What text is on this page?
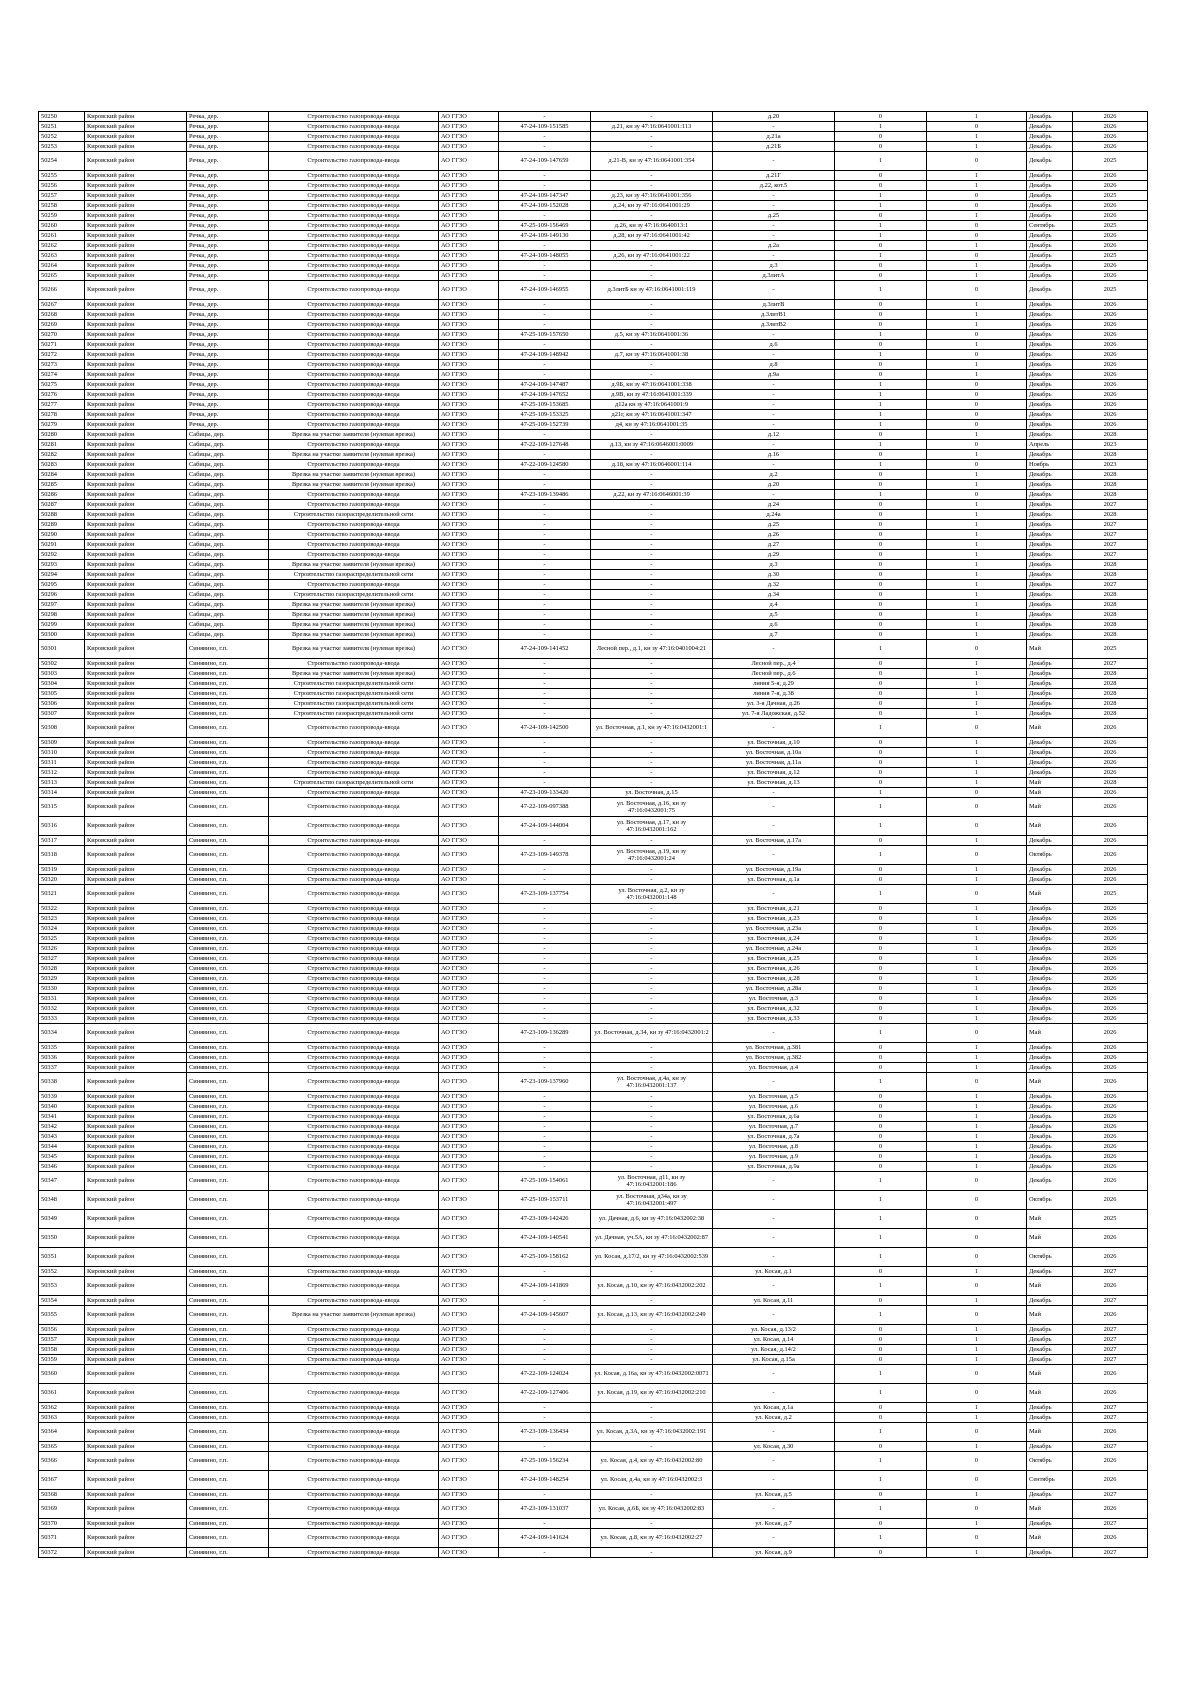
50250	Кировский район	Речка, дер.	Строительство газопровода-ввода	АО ГГЗО	-	-	д.20	0	1	Декабрь	2026
50251	Кировский район	Речка, дер.	Строительство газопровода-ввода	АО ГГЗО	47-24-109-151585	д.21, кн зу 47:16:0641001:113	-	1	0	Декабрь	2026
50252	Кировский район	Речка, дер.	Строительство газопровода-ввода	АО ГГЗО	-	-	д.21а	0	1	Декабрь	2026
50253	Кировский район	Речка, дер.	Строительство газопровода-ввода	АО ГГЗО	-	-	д.21Б	0	1	Декабрь	2026
50254	Кировский район	Речка, дер.	Строительство газопровода-ввода	АО ГГЗО	47-24-109-147659	д.21-В, кн зу 47:16:0641001:354	-	1	0	Декабрь	2025
50255	Кировский район	Речка, дер.	Строительство газопровода-ввода	АО ГГЗО	-	-	д.21Г	0	1	Декабрь	2026
50256	Кировский район	Речка, дер.	Строительство газопровода-ввода	АО ГГЗО	-	-	д.22, кот.5	0	1	Декабрь	2026
50257	Кировский район	Речка, дер.	Строительство газопровода-ввода	АО ГГЗО	47-24-109-147347	д.23, кн зу 47:16:0641001:356	-	1	0	Декабрь	2025
50258	Кировский район	Речка, дер.	Строительство газопровода-ввода	АО ГГЗО	47-24-109-152028	д.24, кн зу 47:16:0641001:29	-	1	0	Декабрь	2026
50259	Кировский район	Речка, дер.	Строительство газопровода-ввода	АО ГГЗО	-	-	д.25	0	1	Декабрь	2026
50260	Кировский район	Речка, дер.	Строительство газопровода-ввода	АО ГГЗО	47-25-109-156469	д.26, кн зу 47:16:0640013:1	-	1	0	Сентябрь	2025
50261	Кировский район	Речка, дер.	Строительство газопровода-ввода	АО ГГЗО	47-24-109-149130	д.28, кн зу 47:16:0641001:42	-	1	0	Декабрь	2026
50262	Кировский район	Речка, дер.	Строительство газопровода-ввода	АО ГГЗО	-	-	д.2а	0	1	Декабрь	2026
50263	Кировский район	Речка, дер.	Строительство газопровода-ввода	АО ГГЗО	47-24-109-148055	д.26, кн зу 47:16:0641001:22	-	1	0	Декабрь	2025
50264	Кировский район	Речка, дер.	Строительство газопровода-ввода	АО ГГЗО	-	-	д.3	0	1	Декабрь	2026
50265	Кировский район	Речка, дер.	Строительство газопровода-ввода	АО ГГЗО	-	-	д.3литА	0	1	Декабрь	2026
50266	Кировский район	Речка, дер.	Строительство газопровода-ввода	АО ГГЗО	47-24-109-146955	д.3литБ кн зу 47:16:0641001:119	-	1	0	Декабрь	2025
50267	Кировский район	Речка, дер.	Строительство газопровода-ввода	АО ГГЗО	-	-	д.3литВ	0	1	Декабрь	2026
50268	Кировский район	Речка, дер.	Строительство газопровода-ввода	АО ГГЗО	-	-	д.3литВ1	0	1	Декабрь	2026
50269	Кировский район	Речка, дер.	Строительство газопровода-ввода	АО ГГЗО	-	-	д.3литВ2	0	1	Декабрь	2026
50270	Кировский район	Речка, дер.	Строительство газопровода-ввода	АО ГГЗО	47-25-109-157650	д.5, кн зу 47:16:0641001:36	-	1	0	Декабрь	2026
50271	Кировский район	Речка, дер.	Строительство газопровода-ввода	АО ГГЗО	-	-	д.6	0	1	Декабрь	2026
50272	Кировский район	Речка, дер.	Строительство газопровода-ввода	АО ГГЗО	47-24-109-148942	д.7, кн зу 47:16:0641001:38	-	1	0	Декабрь	2026
50273	Кировский район	Речка, дер.	Строительство газопровода-ввода	АО ГГЗО	-	-	д.8	0	1	Декабрь	2026
50274	Кировский район	Речка, дер.	Строительство газопровода-ввода	АО ГГЗО	-	-	д.9а	0	1	Декабрь	2026
50275	Кировский район	Речка, дер.	Строительство газопровода-ввода	АО ГГЗО	47-24-109-147487	д.9Б, кн зу 47:16:0641001:338	-	1	0	Декабрь	2026
50276	Кировский район	Речка, дер.	Строительство газопровода-ввода	АО ГГЗО	47-24-109-147652	д.9В, кн зу 47:16:0641001:339	-	1	0	Декабрь	2026
50277	Кировский район	Речка, дер.	Строительство газопровода-ввода	АО ГГЗО	47-25-109-153685	д12а кн зу 47:16:0641001:9	-	1	0	Декабрь	2026
50278	Кировский район	Речка, дер.	Строительство газопровода-ввода	АО ГГЗО	47-25-109-153325	д21г, кн зу 47:16:0641001:347	-	1	0	Декабрь	2026
50279	Кировский район	Речка, дер.	Строительство газопровода-ввода	АО ГГЗО	47-25-109-152739	д4, кн зу 47:16:0641001:35	-	1	0	Декабрь	2026
50280	Кировский район	Сабицы, дер.	Врезка на участке заявителя (нулевая врезка)	АО ГГЗО	-	-	д.12	0	1	Декабрь	2028
50281	Кировский район	Сабицы, дер.	Строительство газопровода-ввода	АО ГГЗО	47-22-109-127648	д.13, кн зу 47:16:0646001:0009	-	1	0	Апрель	2023
50282	Кировский район	Сабицы, дер.	Врезка на участке заявителя (нулевая врезка)	АО ГГЗО	-	-	д.16	0	1	Декабрь	2028
50283	Кировский район	Сабицы, дер.	Строительство газопровода-ввода	АО ГГЗО	47-22-109-124580	д.18, кн зу 47:16:0646001:114	-	1	0	Ноябрь	2023
50284	Кировский район	Сабицы, дер.	Врезка на участке заявителя (нулевая врезка)	АО ГГЗО	-	-	д.2	0	1	Декабрь	2028
50285	Кировский район	Сабицы, дер.	Врезка на участке заявителя (нулевая врезка)	АО ГГЗО	-	-	д.20	0	1	Декабрь	2028
50286	Кировский район	Сабицы, дер.	Строительство газопровода-ввода	АО ГГЗО	47-23-109-139486	д.22, кн зу 47:16:0646001:39	-	1	0	Декабрь	2028
50287	Кировский район	Сабицы, дер.	Строительство газопровода-ввода	АО ГГЗО	-	-	д.24	0	1	Декабрь	2027
50288	Кировский район	Сабицы, дер.	Строительство газораспределительной сети	АО ГГЗО	-	-	д.24а	0	1	Декабрь	2028
50289	Кировский район	Сабицы, дер.	Строительство газопровода-ввода	АО ГГЗО	-	-	д.25	0	1	Декабрь	2027
50290	Кировский район	Сабицы, дер.	Строительство газопровода-ввода	АО ГГЗО	-	-	д.26	0	1	Декабрь	2027
50291	Кировский район	Сабицы, дер.	Строительство газопровода-ввода	АО ГГЗО	-	-	д.27	0	1	Декабрь	2027
50292	Кировский район	Сабицы, дер.	Строительство газопровода-ввода	АО ГГЗО	-	-	д.29	0	1	Декабрь	2027
50293	Кировский район	Сабицы, дер.	Врезка на участке заявителя (нулевая врезка)	АО ГГЗО	-	-	д.3	0	1	Декабрь	2028
50294	Кировский район	Сабицы, дер.	Строительство газораспределительной сети	АО ГГЗО	-	-	д.30	0	1	Декабрь	2028
50295	Кировский район	Сабицы, дер.	Строительство газопровода-ввода	АО ГГЗО	-	-	д.32	0	1	Декабрь	2027
50296	Кировский район	Сабицы, дер.	Строительство газораспределительной сети	АО ГГЗО	-	-	д.34	0	1	Декабрь	2028
50297	Кировский район	Сабицы, дер.	Врезка на участке заявителя (нулевая врезка)	АО ГГЗО	-	-	д.4	0	1	Декабрь	2028
50298	Кировский район	Сабицы, дер.	Врезка на участке заявителя (нулевая врезка)	АО ГГЗО	-	-	д.5	0	1	Декабрь	2028
50299	Кировский район	Сабицы, дер.	Врезка на участке заявителя (нулевая врезка)	АО ГГЗО	-	-	д.6	0	1	Декабрь	2028
50300	Кировский район	Сабицы, дер.	Врезка на участке заявителя (нулевая врезка)	АО ГГЗО	-	-	д.7	0	1	Декабрь	2028
50301	Кировский район	Синявино, г.п.	Врезка на участке заявителя (нулевая врезка)	АО ГГЗО	47-24-109-141452	Лесной пер., д.1, кн зу 47:16:0401004:21	-	1	0	Май	2025
50302	Кировский район	Синявино, г.п.	Строительство газопровода-ввода	АО ГГЗО	-	-	Лесной пер., д.4	0	1	Декабрь	2027
50303	Кировский район	Синявино, г.п.	Врезка на участке заявителя (нулевая врезка)	АО ГГЗО	-	-	Лесной пер., д.6	0	1	Декабрь	2028
50304	Кировский район	Синявино, г.п.	Строительство газораспределительной сети	АО ГГЗО	-	-	линия 5-я, д.29	0	1	Декабрь	2028
50305	Кировский район	Синявино, г.п.	Строительство газораспределительной сети	АО ГГЗО	-	-	линия 7-я, д.38	0	1	Декабрь	2028
50306	Кировский район	Синявино, г.п.	Строительство газораспределительной сети	АО ГГЗО	-	-	ул. 3-я Дачная, д.26	0	1	Декабрь	2028
50307	Кировский район	Синявино, г.п.	Строительство газораспределительной сети	АО ГГЗО	-	-	ул. 7-я Ладожская, д.52	0	1	Декабрь	2028
50308	Кировский район	Синявино, г.п.	Строительство газопровода-ввода	АО ГГЗО	47-24-109-142500	ул. Восточная, д.1, кн зу 47:16:0432001:1	-	1	0	Май	2026
50309	Кировский район	Синявино, г.п.	Строительство газопровода-ввода	АО ГГЗО	-	-	ул. Восточная, д.10	0	1	Декабрь	2026
50310	Кировский район	Синявино, г.п.	Строительство газопровода-ввода	АО ГГЗО	-	-	ул. Восточная, д.10а	0	1	Декабрь	2026
50311	Кировский район	Синявино, г.п.	Строительство газопровода-ввода	АО ГГЗО	-	-	ул. Восточная, д.11а	0	1	Декабрь	2026
50312	Кировский район	Синявино, г.п.	Строительство газопровода-ввода	АО ГГЗО	-	-	ул. Восточная, д.12	0	1	Декабрь	2026
50313	Кировский район	Синявино, г.п.	Строительство газораспределительной сети	АО ГГЗО	-	-	ул. Восточная, д.13	0	1	Май	2028
50314	Кировский район	Синявино, г.п.	Строительство газопровода-ввода	АО ГГЗО	47-23-109-133420	ул. Восточная, д.15	-	1	0	Май	2026
50315	Кировский район	Синявино, г.п.	Строительство газопровода-ввода	АО ГГЗО	47-22-109-097388	ул. Восточная, д.16, кн зу 47:16:0432001:75	-	1	0	Май	2026
50316	Кировский район	Синявино, г.п.	Строительство газопровода-ввода	АО ГГЗО	47-24-109-144004	ул. Восточная, д.17, кн зу 47:16:0432001:162	-	1	0	Май	2026
50317	Кировский район	Синявино, г.п.	Строительство газопровода-ввода	АО ГГЗО	-	-	ул. Восточная, д.17а	0	1	Декабрь	2026
50318	Кировский район	Синявино, г.п.	Строительство газопровода-ввода	АО ГГЗО	47-23-109-149378	ул. Восточная, д.19, кн зу 47:16:0432001:24	-	1	0	Октябрь	2026
50319	Кировский район	Синявино, г.п.	Строительство газопровода-ввода	АО ГГЗО	-	-	ул. Восточная, д.19а	0	1	Декабрь	2026
50320	Кировский район	Синявино, г.п.	Строительство газопровода-ввода	АО ГГЗО	-	-	ул. Восточная, д.1а	0	1	Декабрь	2026
50321	Кировский район	Синявино, г.п.	Строительство газопровода-ввода	АО ГГЗО	47-23-109-137754	ул. Восточная, д.2, кн зу 47:16:0432001:148	-	1	0	Май	2025
50322	Кировский район	Синявино, г.п.	Строительство газопровода-ввода	АО ГГЗО	-	-	ул. Восточная, д.21	0	1	Декабрь	2026
50323	Кировский район	Синявино, г.п.	Строительство газопровода-ввода	АО ГГЗО	-	-	ул. Восточная, д.23	0	1	Декабрь	2026
50324	Кировский район	Синявино, г.п.	Строительство газопровода-ввода	АО ГГЗО	-	-	ул. Восточная, д.23а	0	1	Декабрь	2026
50325	Кировский район	Синявино, г.п.	Строительство газопровода-ввода	АО ГГЗО	-	-	ул. Восточная, д.24	0	1	Декабрь	2026
50326	Кировский район	Синявино, г.п.	Строительство газопровода-ввода	АО ГГЗО	-	-	ул. Восточная, д.24а	0	1	Декабрь	2026
50327	Кировский район	Синявино, г.п.	Строительство газопровода-ввода	АО ГГЗО	-	-	ул. Восточная, д.25	0	1	Декабрь	2026
50328	Кировский район	Синявино, г.п.	Строительство газопровода-ввода	АО ГГЗО	-	-	ул. Восточная, д.26	0	1	Декабрь	2026
50329	Кировский район	Синявино, г.п.	Строительство газопровода-ввода	АО ГГЗО	-	-	ул. Восточная, д.28	0	1	Декабрь	2026
50330	Кировский район	Синявино, г.п.	Строительство газопровода-ввода	АО ГГЗО	-	-	ул. Восточная, д.28а	0	1	Декабрь	2026
50331	Кировский район	Синявино, г.п.	Строительство газопровода-ввода	АО ГГЗО	-	-	ул. Восточная, д.3	0	1	Декабрь	2026
50332	Кировский район	Синявино, г.п.	Строительство газопровода-ввода	АО ГГЗО	-	-	ул. Восточная, д.32	0	1	Декабрь	2026
50333	Кировский район	Синявино, г.п.	Строительство газопровода-ввода	АО ГГЗО	-	-	ул. Восточная, д.33	0	1	Декабрь	2026
50334	Кировский район	Синявино, г.п.	Строительство газопровода-ввода	АО ГГЗО	47-23-109-136289	ул. Восточная, д.34, кн зу 47:16:0432001:2	-	1	0	Май	2026
50335	Кировский район	Синявино, г.п.	Строительство газопровода-ввода	АО ГГЗО	-	-	ул. Восточная, д.381	0	1	Декабрь	2026
50336	Кировский район	Синявино, г.п.	Строительство газопровода-ввода	АО ГГЗО	-	-	ул. Восточная, д.382	0	1	Декабрь	2026
50337	Кировский район	Синявино, г.п.	Строительство газопровода-ввода	АО ГГЗО	-	-	ул. Восточная, д.4	0	1	Декабрь	2026
50338	Кировский район	Синявино, г.п.	Строительство газопровода-ввода	АО ГГЗО	47-23-109-137960	ул. Восточная, д.4а, кн зу 47:16:0432001:137	-	1	0	Май	2026
50339	Кировский район	Синявино, г.п.	Строительство газопровода-ввода	АО ГГЗО	-	-	ул. Восточная, д.5	0	1	Декабрь	2026
50340	Кировский район	Синявино, г.п.	Строительство газопровода-ввода	АО ГГЗО	-	-	ул. Восточная, д.6	0	1	Декабрь	2026
50341	Кировский район	Синявино, г.п.	Строительство газопровода-ввода	АО ГГЗО	-	-	ул. Восточная, д.6а	0	1	Декабрь	2026
50342	Кировский район	Синявино, г.п.	Строительство газопровода-ввода	АО ГГЗО	-	-	ул. Восточная, д.7	0	1	Декабрь	2026
50343	Кировский район	Синявино, г.п.	Строительство газопровода-ввода	АО ГГЗО	-	-	ул. Восточная, д.7а	0	1	Декабрь	2026
50344	Кировский район	Синявино, г.п.	Строительство газопровода-ввода	АО ГГЗО	-	-	ул. Восточная, д.8	0	1	Декабрь	2026
50345	Кировский район	Синявино, г.п.	Строительство газопровода-ввода	АО ГГЗО	-	-	ул. Восточная, д.9	0	1	Декабрь	2026
50346	Кировский район	Синявино, г.п.	Строительство газопровода-ввода	АО ГГЗО	-	-	ул. Восточная, д.9а	0	1	Декабрь	2026
50347	Кировский район	Синявино, г.п.	Строительство газопровода-ввода	АО ГГЗО	47-25-109-154061	ул. Восточная, д11, кн зу 47:16:0432001:186	-	1	0	Декабрь	2026
50348	Кировский район	Синявино, г.п.	Строительство газопровода-ввода	АО ГГЗО	47-25-109-153711	ул. Восточная, д34а, кн зу 47:16:0432001:497	-	1	0	Октябрь	2026
50349	Кировский район	Синявино, г.п.	Строительство газопровода-ввода	АО ГГЗО	47-23-109-142426	ул. Дачная, д.6, кн зу 47:16:0432002:38	-	1	0	Май	2025
50350	Кировский район	Синявино, г.п.	Строительство газопровода-ввода	АО ГГЗО	47-24-109-140541	ул. Дачная, уч.5А, кн зу 47:16:0432002:87	-	1	0	Май	2026
50351	Кировский район	Синявино, г.п.	Строительство газопровода-ввода	АО ГГЗО	47-25-109-158162	ул. Косая, д.17/2, кн зу 47:16:0432002:539	-	1	0	Октябрь	2026
50352	Кировский район	Синявино, г.п.	Строительство газопровода-ввода	АО ГГЗО	-	-	ул. Косая, д.1	0	1	Декабрь	2027
50353	Кировский район	Синявино, г.п.	Строительство газопровода-ввода	АО ГГЗО	47-24-109-141869	ул. Косая, д.10, кн зу 47:16:0432002:202	-	1	0	Май	2026
50354	Кировский район	Синявино, г.п.	Строительство газопровода-ввода	АО ГГЗО	-	-	ул. Косая, д.11	0	1	Декабрь	2027
50355	Кировский район	Синявино, г.п.	Врезка на участке заявителя (нулевая врезка)	АО ГГЗО	47-24-109-145607	ул. Косая, д.13, кн зу 47:16:0432002:249	-	1	0	Май	2026
50356	Кировский район	Синявино, г.п.	Строительство газопровода-ввода	АО ГГЗО	-	-	ул. Косая, д.13/2	0	1	Декабрь	2027
50357	Кировский район	Синявино, г.п.	Строительство газопровода-ввода	АО ГГЗО	-	-	ул. Косая, д.14	0	1	Декабрь	2027
50358	Кировский район	Синявино, г.п.	Строительство газопровода-ввода	АО ГГЗО	-	-	ул. Косая, д.14/2	0	1	Декабрь	2027
50359	Кировский район	Синявино, г.п.	Строительство газопровода-ввода	АО ГГЗО	-	-	ул. Косая, д.15а	0	1	Декабрь	2027
50360	Кировский район	Синявино, г.п.	Строительство газопровода-ввода	АО ГГЗО	47-22-109-124024	ул. Косая, д.16а, кн зу 47:16:0432002:0071	-	1	0	Май	2026
50361	Кировский район	Синявино, г.п.	Строительство газопровода-ввода	АО ГГЗО	47-22-109-127406	ул. Косая, д.19, кн зу 47:16:0432002:210	-	1	0	Май	2026
50362	Кировский район	Синявино, г.п.	Строительство газопровода-ввода	АО ГГЗО	-	-	ул. Косая, д.1а	0	1	Декабрь	2027
50363	Кировский район	Синявино, г.п.	Строительство газопровода-ввода	АО ГГЗО	-	-	ул. Косая, д.2	0	1	Декабрь	2027
50364	Кировский район	Синявино, г.п.	Строительство газопровода-ввода	АО ГГЗО	47-23-109-136434	ул. Косая, д.3А, кн зу 47:16:0432002:191	-	1	0	Май	2026
50365	Кировский район	Синявино, г.п.	Строительство газопровода-ввода	АО ГГЗО	-	-	ул. Косая, д.30	0	1	Декабрь	2027
50366	Кировский район	Синявино, г.п.	Строительство газопровода-ввода	АО ГГЗО	47-25-109-156234	ул. Косая, д.4, кн зу 47:16:0432002:80	-	1	0	Октябрь	2026
50367	Кировский район	Синявино, г.п.	Строительство газопровода-ввода	АО ГГЗО	47-24-109-148254	ул. Косая, д.4а, кн зу 47:16:0432002:3	-	1	0	Сентябрь	2026
50368	Кировский район	Синявино, г.п.	Строительство газопровода-ввода	АО ГГЗО	-	-	ул. Косая, д.5	0	1	Декабрь	2027
50369	Кировский район	Синявино, г.п.	Строительство газопровода-ввода	АО ГГЗО	47-23-109-131037	ул. Косая, д.6Б, кн зу 47:16:0432002:83	-	1	0	Май	2026
50370	Кировский район	Синявино, г.п.	Строительство газопровода-ввода	АО ГГЗО	-	-	ул. Косая, д.7	0	1	Декабрь	2027
50371	Кировский район	Синявино, г.п.	Строительство газопровода-ввода	АО ГГЗО	47-24-109-141624	ул. Косая, д.8, кн зу 47:16:0432002:27	-	1	0	Май	2026
50372	Кировский район	Синявино, г.п.	Строительство газопровода-ввода	АО ГГЗО	-	-	ул. Косая, д.9	0	1	Декабрь	2027
